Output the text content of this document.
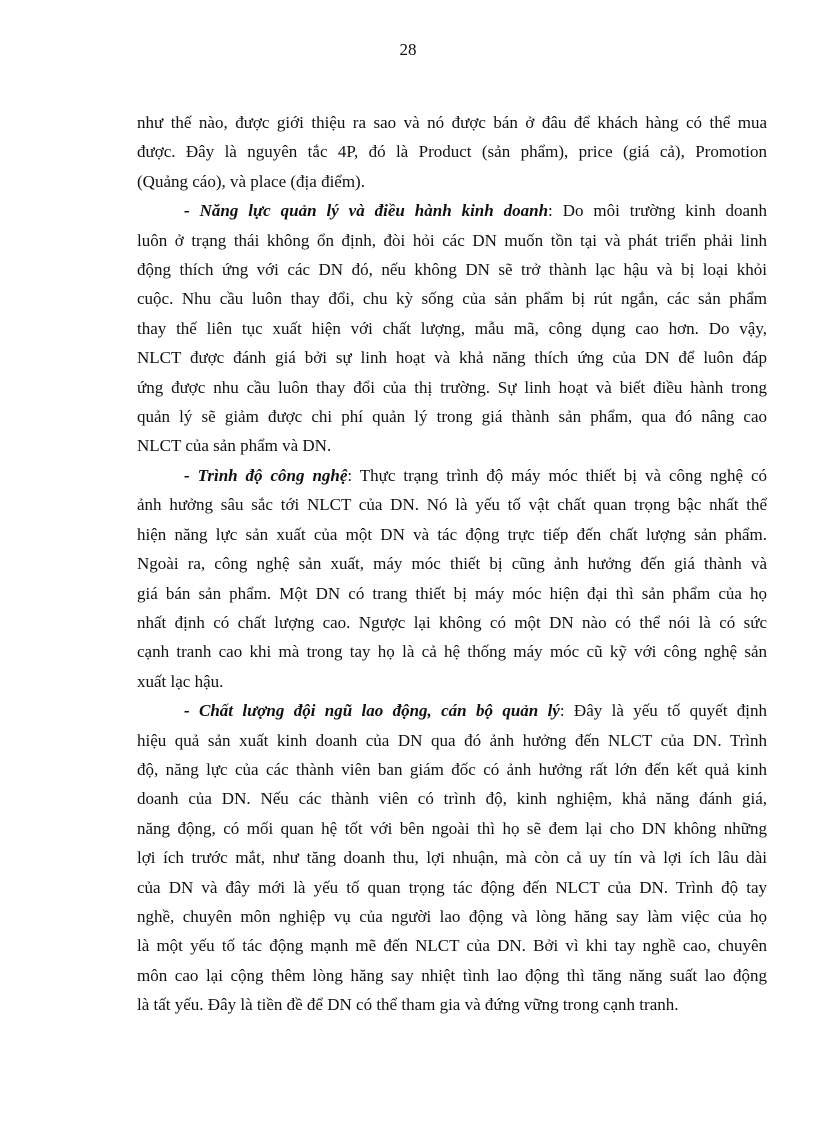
28
như thế nào, được giới thiệu ra sao và nó được bán ở đâu để khách hàng có thể mua
được. Đây là nguyên tắc 4P, đó là Product (sản phẩm), price (giá cả), Promotion
(Quảng cáo), và place (địa điểm).
- Năng lực quản lý và điều hành kinh doanh: Do môi trường kinh doanh
luôn ở trạng thái không ổn định, đòi hỏi các DN muốn tồn tại và phát triển phải linh
động thích ứng với các DN đó, nếu không DN sẽ trở thành lạc hậu và bị loại khỏi
cuộc. Nhu cầu luôn thay đổi, chu kỳ sống của sản phẩm bị rút ngắn, các sản phẩm
thay thế liên tục xuất hiện với chất lượng, mẫu mã, công dụng cao hơn. Do vậy,
NLCT được đánh giá bởi sự linh hoạt và khả năng thích ứng của DN để luôn đáp
ứng được nhu cầu luôn thay đổi của thị trường. Sự linh hoạt và biết điều hành trong
quản lý sẽ giảm được chi phí quản lý trong giá thành sản phẩm, qua đó nâng cao
NLCT của sản phẩm và DN.
- Trình độ công nghệ: Thực trạng trình độ máy móc thiết bị và công nghệ có
ảnh hưởng sâu sắc tới NLCT của DN. Nó là yếu tố vật chất quan trọng bậc nhất thể
hiện năng lực sản xuất của một DN và tác động trực tiếp đến chất lượng sản phẩm.
Ngoài ra, công nghệ sản xuất, máy móc thiết bị cũng ảnh hưởng đến giá thành và
giá bán sản phẩm. Một DN có trang thiết bị máy móc hiện đại thì sản phẩm của họ
nhất định có chất lượng cao. Ngược lại không có một DN nào có thể nói là có sức
cạnh tranh cao khi mà trong tay họ là cả hệ thống máy móc cũ kỹ với công nghệ sản
xuất lạc hậu.
- Chất lượng đội ngũ lao động, cán bộ quản lý: Đây là yếu tố quyết định
hiệu quả sản xuất kinh doanh của DN qua đó ảnh hưởng đến NLCT của DN. Trình
độ, năng lực của các thành viên ban giám đốc có ảnh hưởng rất lớn đến kết quả kinh
doanh của DN. Nếu các thành viên có trình độ, kinh nghiệm, khả năng đánh giá,
năng động, có mối quan hệ tốt với bên ngoài thì họ sẽ đem lại cho DN không những
lợi ích trước mắt, như tăng doanh thu, lợi nhuận, mà còn cả uy tín và lợi ích lâu dài
của DN và đây mới là yếu tố quan trọng tác động đến NLCT của DN. Trình độ tay
nghề, chuyên môn nghiệp vụ của người lao động và lòng hăng say làm việc của họ
là một yếu tố tác động mạnh mẽ đến NLCT của DN. Bởi vì khi tay nghề cao, chuyên
môn cao lại cộng thêm lòng hăng say nhiệt tình lao động thì tăng năng suất lao động
là tất yếu. Đây là tiền đề để DN có thể tham gia và đứng vững trong cạnh tranh.
